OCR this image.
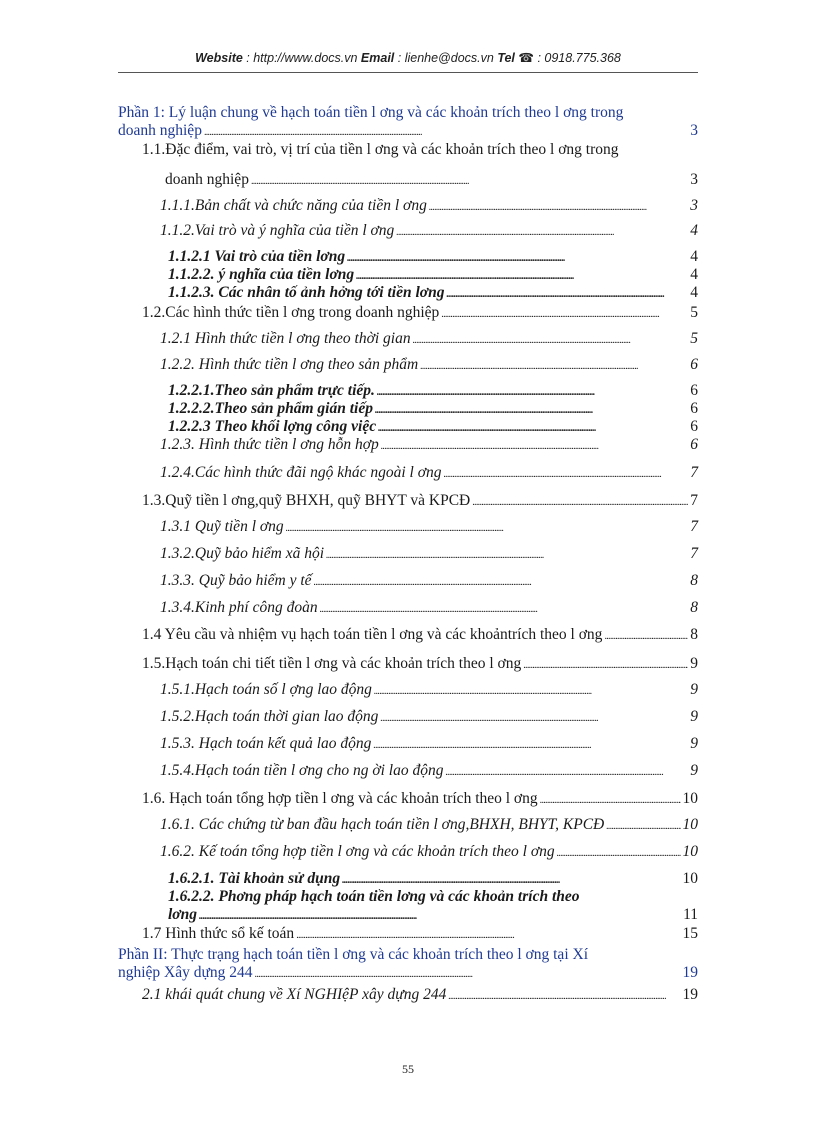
Website : http://www.docs.vn Email : lienhe@docs.vn Tel ☎ : 0918.775.368
Phần 1: Lý luận chung về hạch toán tiền l ơng và các khoản trích theo l ơng trong
doanh nghiệp . . .	3
1.1.Đặc điểm, vai trò, vị trí của tiền l ơng và các khoản trích theo l ơng trong
doanh nghiệp . . .	3
1.1.1.Bản chất và chức năng của tiền l ơng . . .	3
1.1.2.Vai trò và ý nghĩa của tiền l ơng . . .	4
1.1.2.1 Vai trò của tiền lơng . . .	4
1.1.2.2. ý nghĩa của tiền lơng . . .	4
1.1.2.3. Các nhân tố ảnh hởng tới tiền lơng . . .	4
1.2.Các hình thức tiền l ơng trong doanh nghiệp . . .	5
1.2.1 Hình thức tiền l ơng theo thời gian . . .	5
1.2.2. Hình thức tiền l ơng theo sản phẩm . . .	6
1.2.2.1.Theo sản phẩm trực tiếp. . . .	6
1.2.2.2.Theo sản phẩm gián tiếp . . .	6
1.2.2.3 Theo khối lợng công việc . . .	6
1.2.3. Hình thức tiền l ơng hỗn hợp . . .	6
1.2.4.Các hình thức đãi ngộ khác ngoài l ơng . . .	7
1.3.Quỹ tiền l ơng,quỹ BHXH, quỹ BHYT và KPCĐ . . .	7
1.3.1 Quỹ tiền l ơng . . .	7
1.3.2.Quỹ bảo hiểm xã hội . . .	7
1.3.3. Quỹ bảo hiểm y tế . . .	8
1.3.4.Kinh phí công đoàn . . .	8
1.4 Yêu cầu và nhiệm vụ hạch toán tiền l ơng và các khoảntrích theo l ơng . . .	8
1.5.Hạch toán chi tiết tiền l ơng và các khoản trích theo l ơng . . .	9
1.5.1.Hạch toán số l ợng lao động . . .	9
1.5.2.Hạch toán thời gian lao động . . .	9
1.5.3. Hạch toán kết quả lao động . . .	9
1.5.4.Hạch toán tiền l ơng cho ng ời lao động . . .	9
1.6. Hạch toán tổng hợp tiền l ơng và các khoản trích theo l ơng . . .	10
1.6.1. Các chứng từ ban đầu hạch toán tiền l ơng,BHXH, BHYT, KPCĐ . . .	10
1.6.2. Kế toán tổng hợp tiền l ơng và các khoản trích theo l ơng . . .	10
1.6.2.1. Tài khoản sử dụng . . .	10
1.6.2.2. Phơng pháp hạch toán tiền lơng và các khoản trích theo
lơng . . .	11
1.7 Hình thức sổ kế toán . . .	15
Phần II: Thực trạng hạch toán tiền l ơng và các khoản trích theo l ơng tại Xí
nghiệp Xây dựng 244 . . .	19
2.1 khái quát chung về Xí NGHIệP xây dựng 244 . . .	19
55
